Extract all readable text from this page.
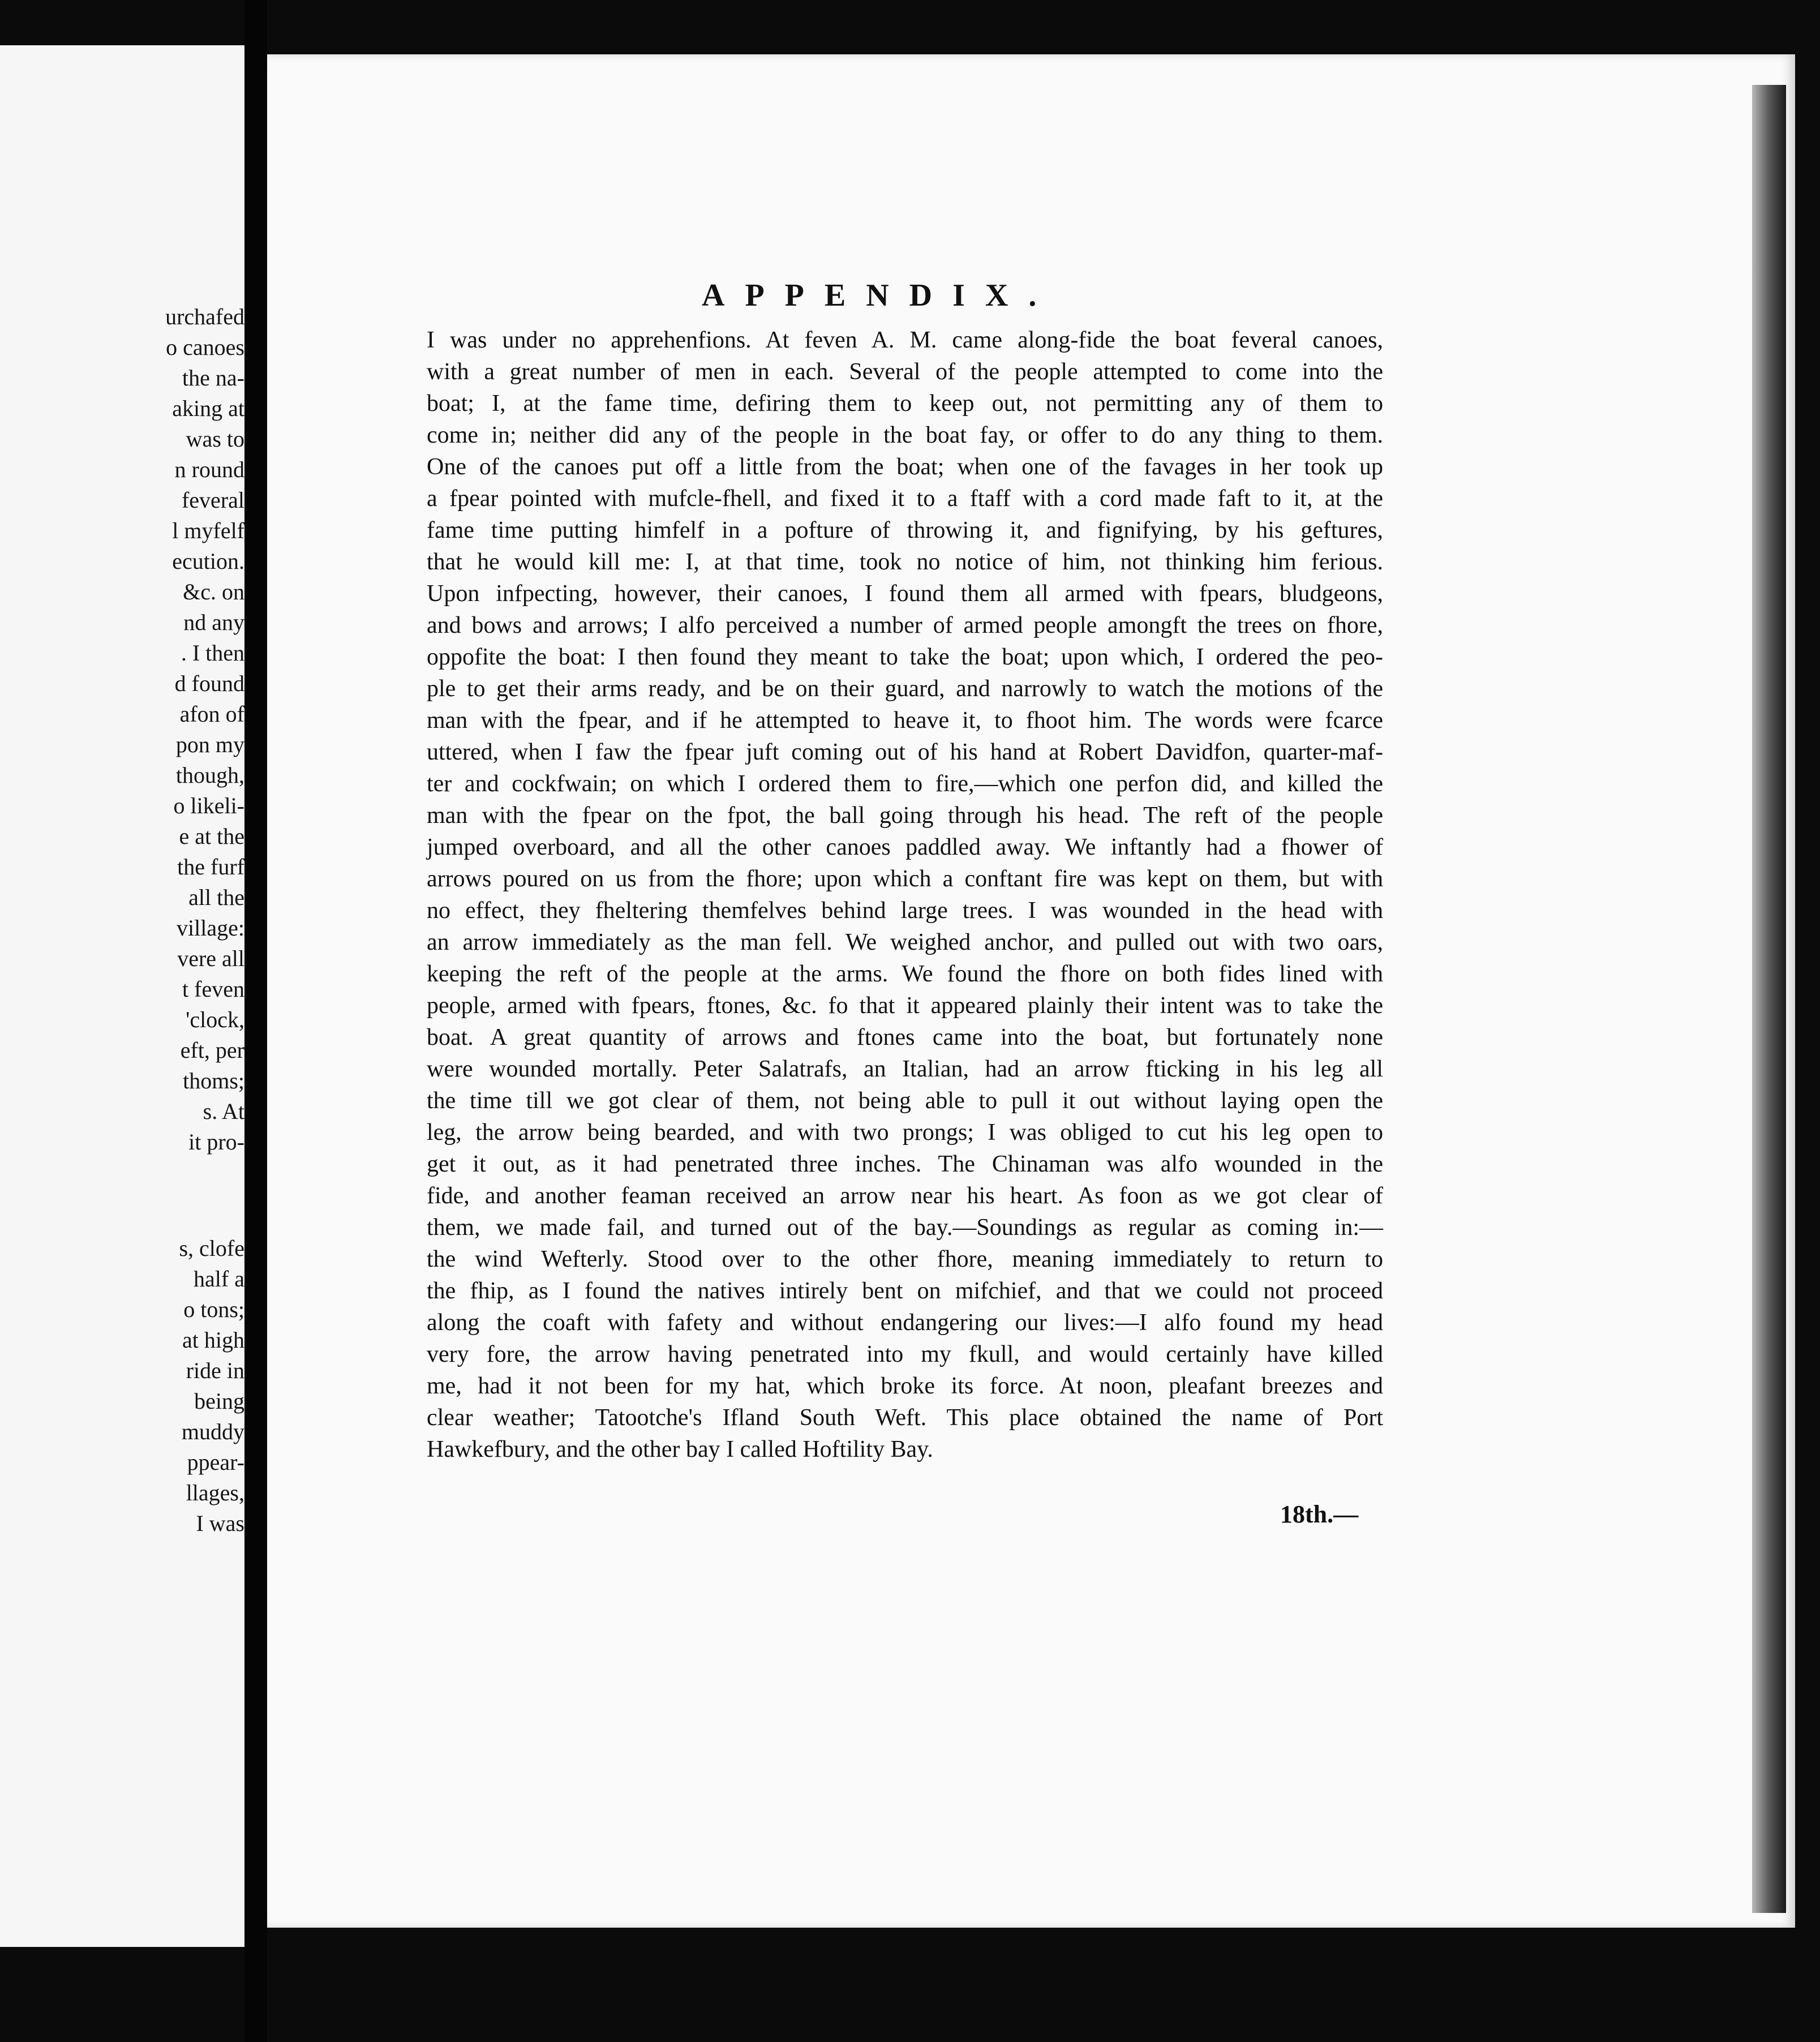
urchafed
o canoes
the na-
aking at
was to
n round
feveral
l myfelf
ecution.
&c. on
nd any
. I then
d found
afon of
pon my
though,
o likeli-
e at the
the furf
all the
village:
vere all
t feven
'clock,
eft, per
thoms;
s. At
it pro-
s, clofe
half a
o tons;
at high
ride in
being
muddy
ppear-
llages,
I was
APPENDIX.
I was under no apprehenfions. At feven A. M. came along-fide the boat feveral canoes,
with a great number of men in each. Several of the people attempted to come into the
boat; I, at the fame time, defiring them to keep out, not permitting any of them to
come in; neither did any of the people in the boat fay, or offer to do any thing to them.
One of the canoes put off a little from the boat; when one of the favages in her took up
a fpear pointed with mufcle-fhell, and fixed it to a ftaff with a cord made faft to it, at the
fame time putting himfelf in a pofture of throwing it, and fignifying, by his geftures,
that he would kill me: I, at that time, took no notice of him, not thinking him ferious.
Upon infpecting, however, their canoes, I found them all armed with fpears, bludgeons,
and bows and arrows; I alfo perceived a number of armed people amongft the trees on fhore,
oppofite the boat: I then found they meant to take the boat; upon which, I ordered the peo-
ple to get their arms ready, and be on their guard, and narrowly to watch the motions of the
man with the fpear, and if he attempted to heave it, to fhoot him. The words were fcarce
uttered, when I faw the fpear juft coming out of his hand at Robert Davidfon, quarter-maf-
ter and cockfwain; on which I ordered them to fire,—which one perfon did, and killed the
man with the fpear on the fpot, the ball going through his head. The reft of the people
jumped overboard, and all the other canoes paddled away. We inftantly had a fhower of
arrows poured on us from the fhore; upon which a conftant fire was kept on them, but with
no effect, they fheltering themfelves behind large trees. I was wounded in the head with
an arrow immediately as the man fell. We weighed anchor, and pulled out with two oars,
keeping the reft of the people at the arms. We found the fhore on both fides lined with
people, armed with fpears, ftones, &c. fo that it appeared plainly their intent was to take the
boat. A great quantity of arrows and ftones came into the boat, but fortunately none
were wounded mortally. Peter Salatrafs, an Italian, had an arrow fticking in his leg all
the time till we got clear of them, not being able to pull it out without laying open the
leg, the arrow being bearded, and with two prongs; I was obliged to cut his leg open to
get it out, as it had penetrated three inches. The Chinaman was alfo wounded in the
fide, and another feaman received an arrow near his heart. As foon as we got clear of
them, we made fail, and turned out of the bay.—Soundings as regular as coming in:—
the wind Wefterly. Stood over to the other fhore, meaning immediately to return to
the fhip, as I found the natives intirely bent on mifchief, and that we could not proceed
along the coaft with fafety and without endangering our lives:—I alfo found my head
very fore, the arrow having penetrated into my fkull, and would certainly have killed
me, had it not been for my hat, which broke its force. At noon, pleafant breezes and
clear weather; Tatootche's Ifland South Weft. This place obtained the name of Port
Hawkefbury, and the other bay I called Hoftility Bay.
18th.—
